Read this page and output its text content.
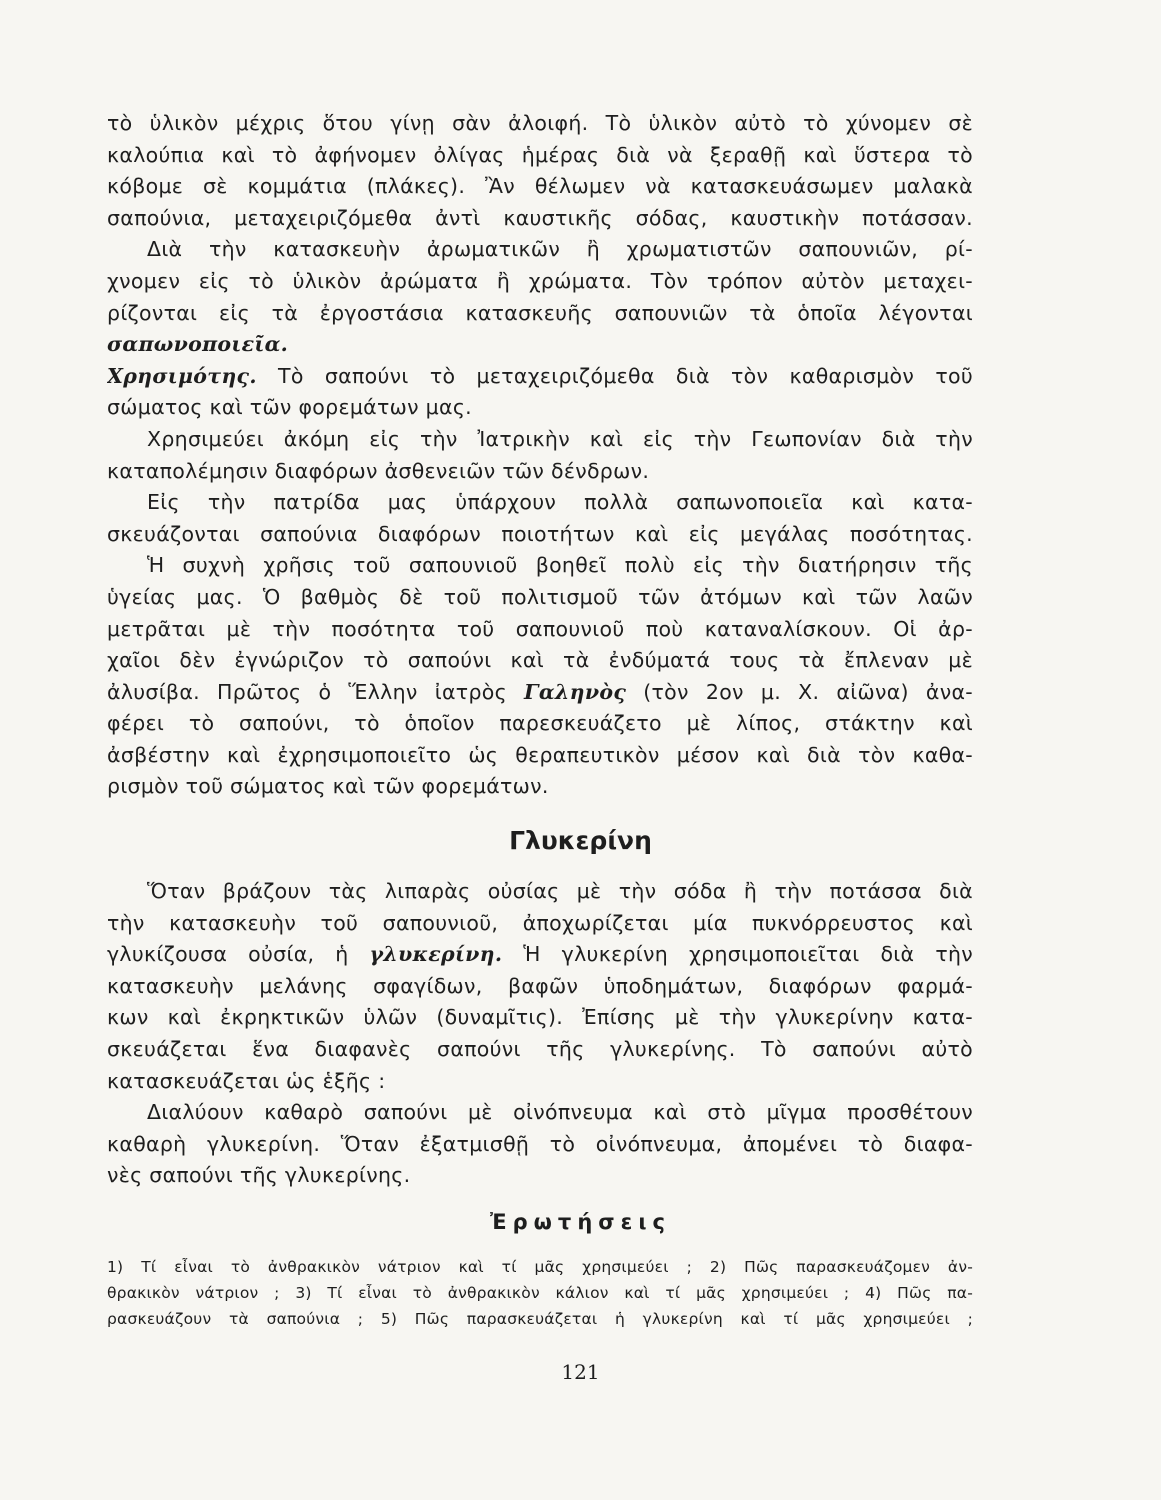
τὸ ὑλικὸν μέχρις ὅτου γίνῃ σὰν ἀλοιφή. Τὸ ὑλικὸν αὐτὸ τὸ χύνομεν σὲ
καλούπια καὶ τὸ ἀφήνομεν ὀλίγας ἡμέρας διὰ νὰ ξεραθῇ καὶ ὕστερα τὸ
κόβομε σὲ κομμάτια (πλάκες). Ἂν θέλωμεν νὰ κατασκευάσωμεν μαλακὰ
σαπούνια, μεταχειριζόμεθα ἀντὶ καυστικῆς σόδας, καυστικὴν ποτάσσαν.
Διὰ τὴν κατασκευὴν ἀρωματικῶν ἢ χρωματιστῶν σαπουνιῶν, ρί-
χνομεν εἰς τὸ ὑλικὸν ἀρώματα ἢ χρώματα. Τὸν τρόπον αὐτὸν μεταχει-
ρίζονται εἰς τὰ ἐργοστάσια κατασκευῆς σαπουνιῶν τὰ ὁποῖα λέγονται
σαπωνοποιεῖα.
Χρησιμότης. Τὸ σαπούνι τὸ μεταχειριζόμεθα διὰ τὸν καθαρισμὸν τοῦ
σώματος καὶ τῶν φορεμάτων μας.
Χρησιμεύει ἀκόμη εἰς τὴν Ἰατρικὴν καὶ εἰς τὴν Γεωπονίαν διὰ τὴν
καταπολέμησιν διαφόρων ἀσθενειῶν τῶν δένδρων.
Εἰς τὴν πατρίδα μας ὑπάρχουν πολλὰ σαπωνοποιεῖα καὶ κατα-
σκευάζονται σαπούνια διαφόρων ποιοτήτων καὶ εἰς μεγάλας ποσότητας.
Ἡ συχνὴ χρῆσις τοῦ σαπουνιοῦ βοηθεῖ πολὺ εἰς τὴν διατήρησιν τῆς
ὑγείας μας. Ὁ βαθμὸς δὲ τοῦ πολιτισμοῦ τῶν ἀτόμων καὶ τῶν λαῶν
μετρᾶται μὲ τὴν ποσότητα τοῦ σαπουνιοῦ ποὺ καταναλίσκουν. Οἱ ἀρ-
χαῖοι δὲν ἐγνώριζον τὸ σαπούνι καὶ τὰ ἐνδύματά τους τὰ ἔπλεναν μὲ
ἀλυσίβα. Πρῶτος ὁ Ἕλλην ἰατρὸς Γαληνὸς (τὸν 2ον μ. Χ. αἰῶνα) ἀνα-
φέρει τὸ σαπούνι, τὸ ὁποῖον παρεσκευάζετο μὲ λίπος, στάκτην καὶ
ἀσβέστην καὶ ἐχρησιμοποιεῖτο ὡς θεραπευτικὸν μέσον καὶ διὰ τὸν καθα-
ρισμὸν τοῦ σώματος καὶ τῶν φορεμάτων.
Γλυκερίνη
Ὅταν βράζουν τὰς λιπαρὰς οὐσίας μὲ τὴν σόδα ἢ τὴν ποτάσσα διὰ
τὴν κατασκευὴν τοῦ σαπουνιοῦ, ἀποχωρίζεται μία πυκνόρρευστος καὶ
γλυκίζουσα οὐσία, ἡ γλυκερίνη. Ἡ γλυκερίνη χρησιμοποιεῖται διὰ τὴν
κατασκευὴν μελάνης σφαγίδων, βαφῶν ὑποδημάτων, διαφόρων φαρμά-
κων καὶ ἐκρηκτικῶν ὑλῶν (δυναμῖτις). Ἐπίσης μὲ τὴν γλυκερίνην κατα-
σκευάζεται ἕνα διαφανὲς σαπούνι τῆς γλυκερίνης. Τὸ σαπούνι αὐτὸ
κατασκευάζεται ὡς ἑξῆς :
Διαλύουν καθαρὸ σαπούνι μὲ οἰνόπνευμα καὶ στὸ μῖγμα προσθέτουν
καθαρὴ γλυκερίνη. Ὅταν ἐξατμισθῇ τὸ οἰνόπνευμα, ἀπομένει τὸ διαφα-
νὲς σαπούνι τῆς γλυκερίνης.
Ἐρωτήσεις
1) Τί εἶναι τὸ ἀνθρακικὸν νάτριον καὶ τί μᾶς χρησιμεύει ; 2) Πῶς παρασκευάζομεν ἀν-
θρακικὸν νάτριον ; 3) Τί εἶναι τὸ ἀνθρακικὸν κάλιον καὶ τί μᾶς χρησιμεύει ; 4) Πῶς πα-
ρασκευάζουν τὰ σαπούνια ; 5) Πῶς παρασκευάζεται ἡ γλυκερίνη καὶ τί μᾶς χρησιμεύει ;
121
